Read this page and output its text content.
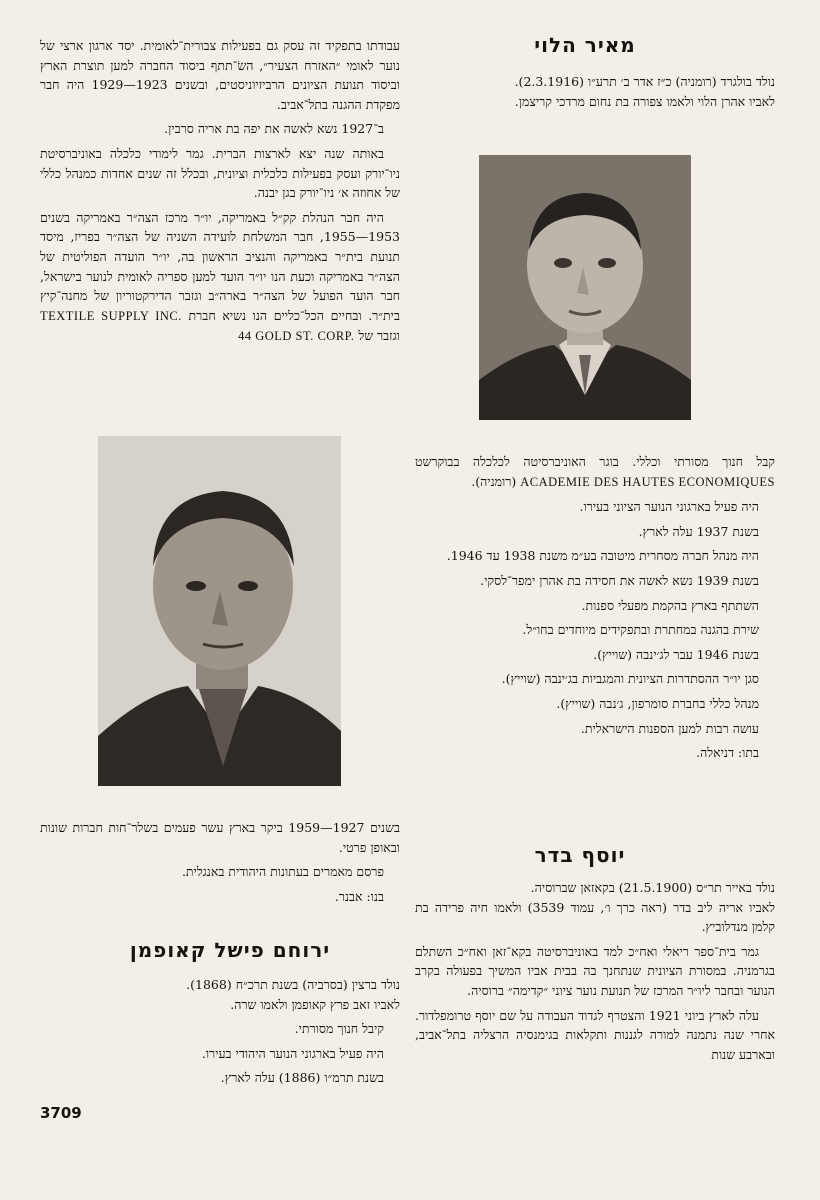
מאיר הלוי

נולד בולגרד (רומניה) כ״ז אדר ב׳ תרע״ו (2.3.1916).

לאביו אהרן הלוי ולאמו צפורה בת נחום מרדכי קריצמן.

קבל חנוך מסורתי וכללי. בוגר האוניברסיטה לכלכלה בבוקרשט ACADEMIE DES HAUTES ECONOMIQUES (רומניה).

היה פעיל בארגוני הנוער הציוני בעירו.

בשנת 1937 עלה לארץ.

היה מנהל חברה מסחרית מיטובה בע״מ משנת 1938 עד 1946.

בשנת 1939 נשא לאשה את חסידה בת אהרן ימפר־לסקי.

השתתף בארץ בהקמת מפעלי ספנות.

שירת בהגנה במחתרת ובתפקידים מיוחדים בחו״ל.

בשנת 1946 עבר לג׳ינבה (שוייץ).

סגן יו״ר ההסתדרות הציונית והמגביות בג׳ינבה (שוייץ).

מנהל כללי בחברת סומרפון, ג׳נבה (שוייץ).

עושה רבות למען הספנות הישראלית.

בתו: דניאלה.

עבודתו בתפקיד זה עסק גם בפעילות צבורית־לאומית. יסד ארגון ארצי של נוער לאומי ״האזרח הצעיר״, השׂ־תתף ביסוד החברה למען תוצרת הארץ וביסוד תנועת הציונים הרביזיוניסטים, ובשנים 1923—1929 היה חבר מפקדת ההגנה בתל־אביב.

ב־1927 נשא לאשה את יפה בת אריה סרבין.

באותה שנה יצא לארצות הברית. גמר לימודי כלכלה באוניברסיטת ניו־יורק ועסק בפעילות כלכלית וציונית, ובכלל זה שנים אחדות כמנהל כללי של אחוזה א׳ ניו־יורק בגן יבנה.

היה חבר הנהלת קק״ל באמריקה, יו״ר מרכז הצה״ר באמריקה בשנים 1953—1955, חבר המשלחת לועידה השניה של הצה״ר בפריז, מיסד תנועת בית״ר באמריקה והנציב הראשון בה, יו״ר הועדה הפוליטית של הצה״ר באמריקה וכעת הנו יו״ר הועד למען ספריה לאומית לנוער בישראל, חבר הועד הפועל של הצה״ר בארה״ב וגזבר הדירקטוריון של מחנה־קיץ בית״ר. ובחיים הכל־כליים הנו נשיא חברת TEXTILE SUPPLY INC. וגזבר של 44 GOLD ST. CORP.

בשנים 1927—1959 ביקר בארץ עשר פעמים בשלר־חות חברות שונות ובאופן פרטי.

פרסם מאמרים בעתונות היהודית באנגלית.

בנו: אבנר.

ירוחם פישל קאופמן

נולד ברצין (בסרביה) בשנת תרכ״ח (1868).

לאביו זאב פרץ קאופמן ולאמו שרה.

קיבל חנוך מסורתי.

היה פעיל בארגוני הנוער היהודי בעירו.

בשנת תרמ״ו (1886) עלה לארץ.

יוסף בדר

נולד באייר תר״ס (21.5.1900) בקאזאן שברוסיה.

לאביו אריה ליב בדר (ראה כרך ו׳, עמוד 3539) ולאמו חיה פרידה בת קלמן מנדלוביץ.

גמר בית־ספר ריאלי ואח״כ למד באוניברסיטה בקא־זאן ואח״כ השתלם בגרמניה. במסורת הציונית שנתחנך בה בבית אביו המשיך בפעולה בקרב הנוער ובחבר ליו״ר המרכז של תנועת נוער ציוני ״קדימה״ ברוסיה.

עלה לארץ ביוני 1921 והצטרף לגדוד העבודה על שם יוסף טרומפלדור. אחרי שנה נתמנה למורה לגננות ותקלאות בגימנסיה הרצליה בתל־אביב, ובארבע שנות

3709
